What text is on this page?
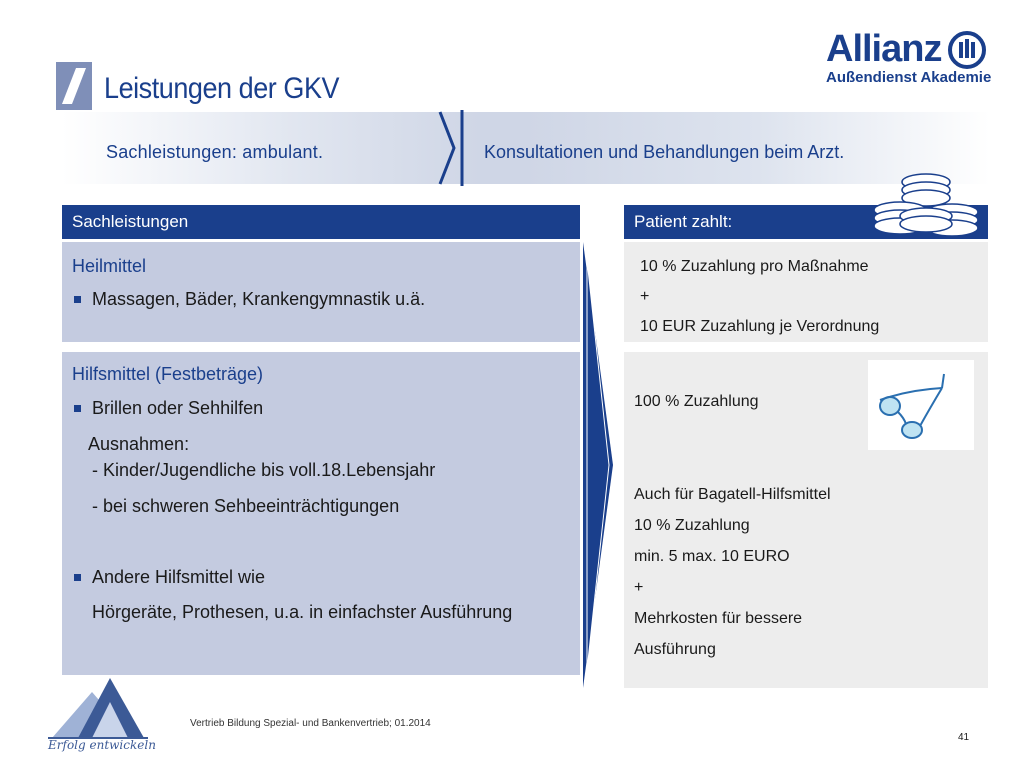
Leistungen der GKV
Allianz
Außendienst Akademie
Sachleistungen: ambulant.	Konsultationen und Behandlungen beim Arzt.
Sachleistungen	Patient zahlt:
Heilmittel
Massagen, Bäder, Krankengymnastik u.ä.
Hilfsmittel (Festbeträge)
Brillen oder Sehhilfen
Ausnahmen:
- Kinder/Jugendliche bis voll.18.Lebensjahr
- bei schweren Sehbeeinträchtigungen
Andere Hilfsmittel wie
Hörgeräte, Prothesen, u.a. in einfachster Ausführung
10 % Zuzahlung pro Maßnahme
+
10 EUR Zuzahlung je Verordnung
100 % Zuzahlung
Auch für Bagatell-Hilfsmittel
10 % Zuzahlung
min. 5 max. 10 EURO
+
Mehrkosten für bessere
Ausführung
Erfolg entwickeln
Vertrieb Bildung Spezial- und Bankenvertrieb; 01.2014
41
